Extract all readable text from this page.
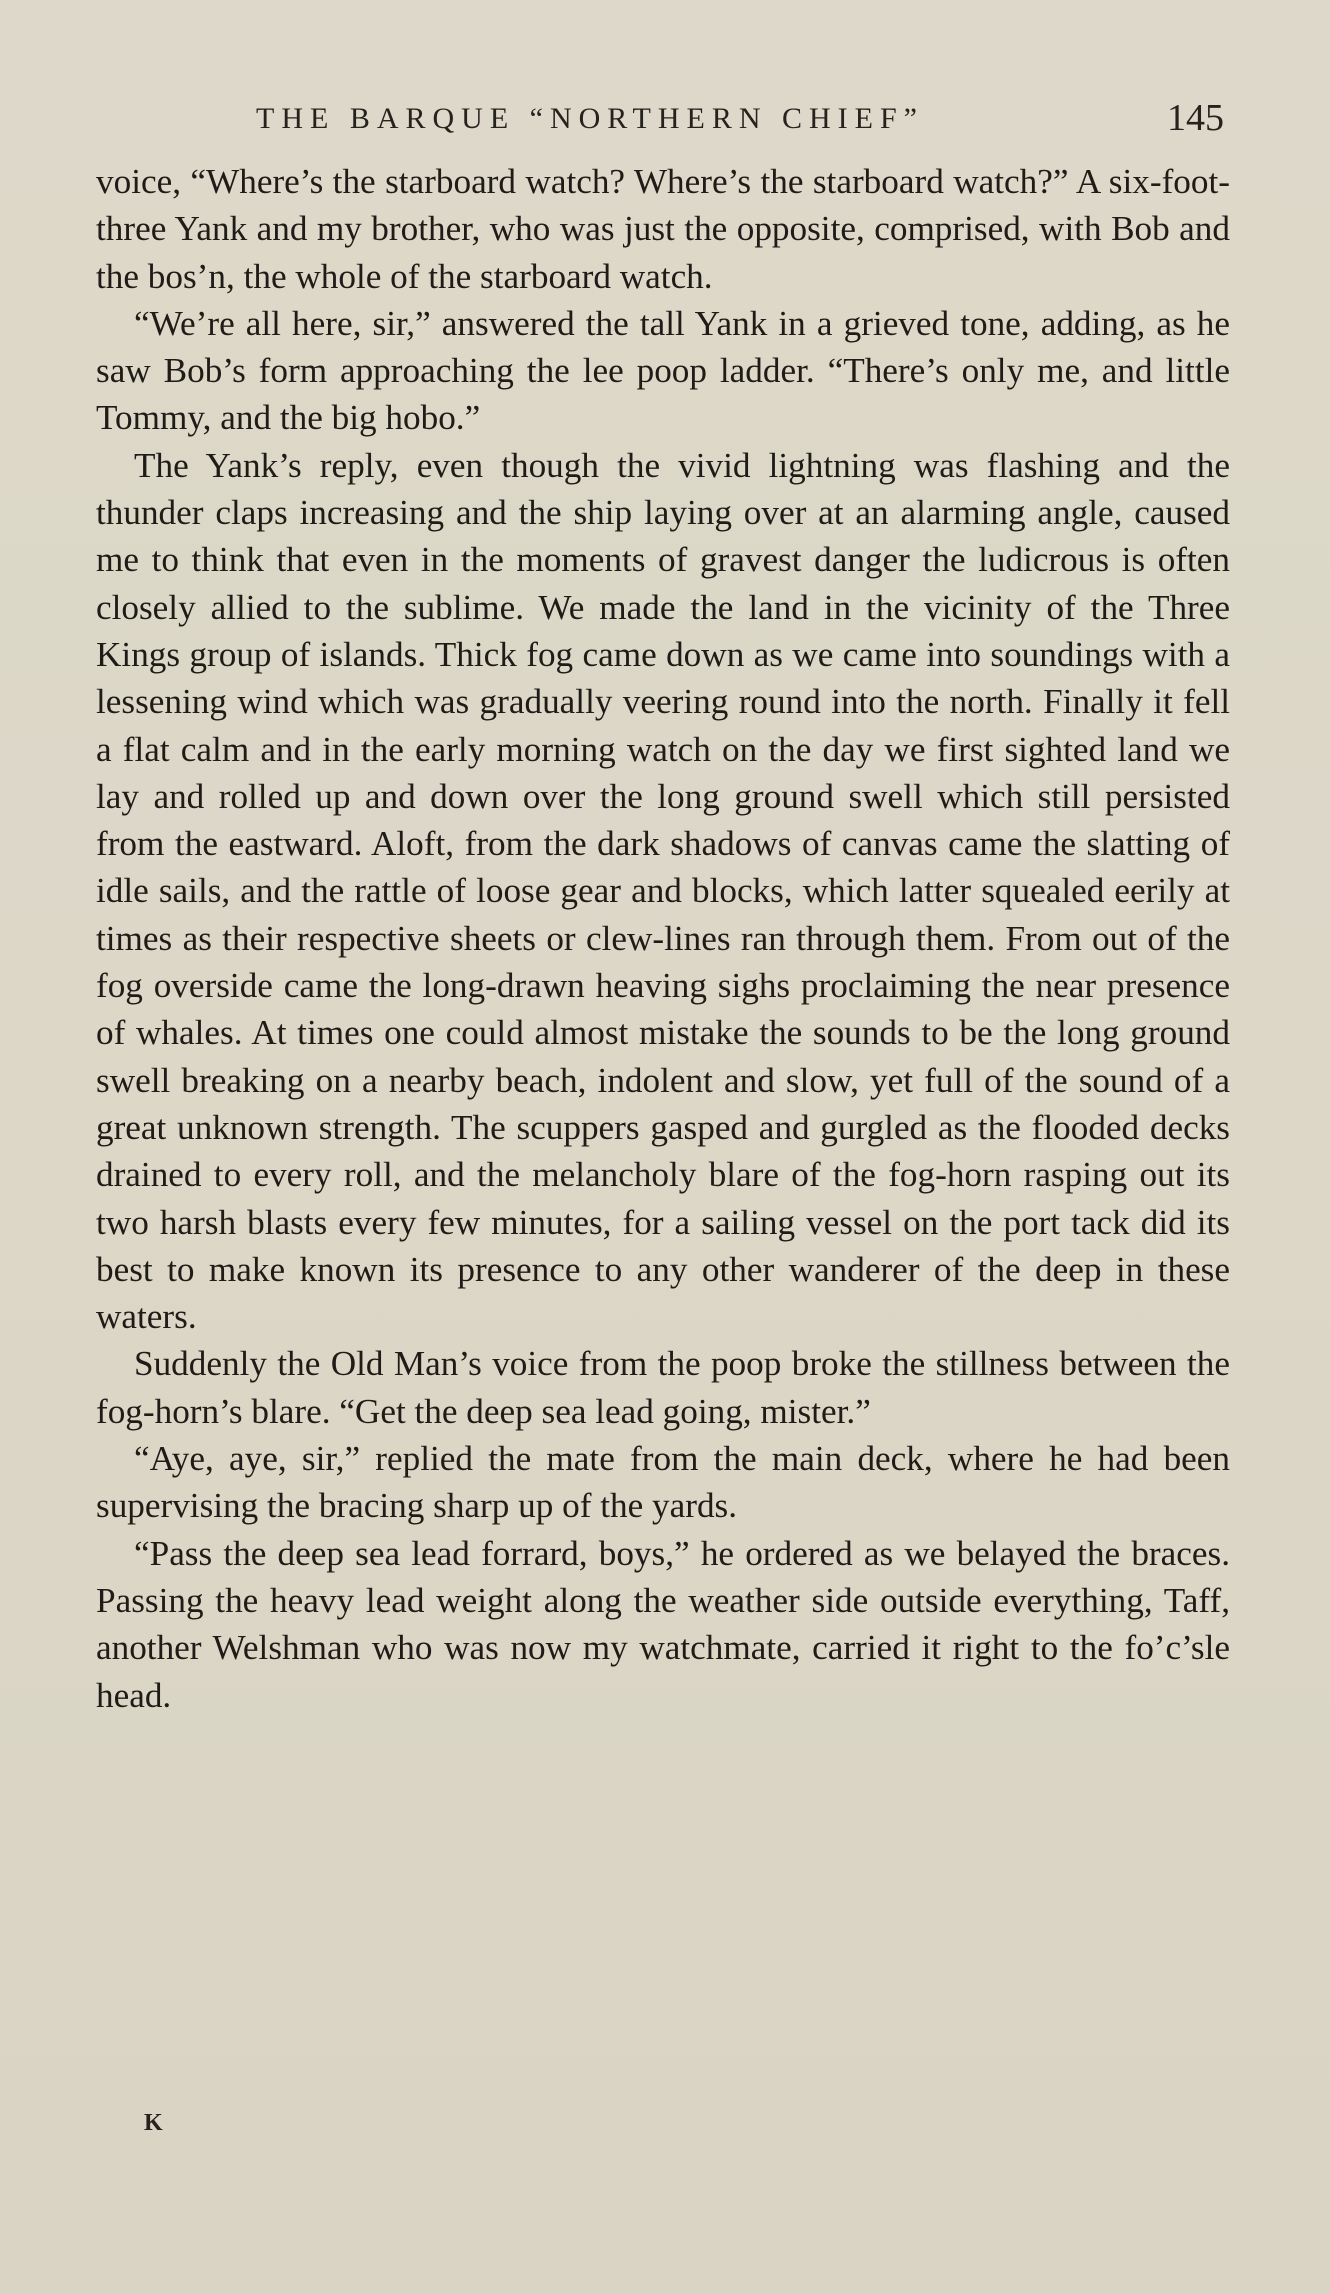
THE BARQUE “NORTHERN CHIEF”	145

voice, “Where’s the starboard watch? Where’s the starboard watch?” A six-foot-three Yank and my brother, who was just the opposite, comprised, with Bob and the bos’n, the whole of the starboard watch.

“We’re all here, sir,” answered the tall Yank in a grieved tone, adding, as he saw Bob’s form approaching the lee poop ladder. “There’s only me, and little Tommy, and the big hobo.”

The Yank’s reply, even though the vivid lightning was flashing and the thunder claps increasing and the ship laying over at an alarming angle, caused me to think that even in the moments of gravest danger the ludicrous is often closely allied to the sublime. We made the land in the vicinity of the Three Kings group of islands. Thick fog came down as we came into soundings with a lessening wind which was gradually veering round into the north. Finally it fell a flat calm and in the early morning watch on the day we first sighted land we lay and rolled up and down over the long ground swell which still persisted from the eastward. Aloft, from the dark shadows of canvas came the slatting of idle sails, and the rattle of loose gear and blocks, which latter squealed eerily at times as their respective sheets or clew-lines ran through them. From out of the fog overside came the long-drawn heaving sighs proclaiming the near presence of whales. At times one could almost mistake the sounds to be the long ground swell breaking on a nearby beach, indolent and slow, yet full of the sound of a great unknown strength. The scuppers gasped and gurgled as the flooded decks drained to every roll, and the melancholy blare of the fog-horn rasping out its two harsh blasts every few minutes, for a sailing vessel on the port tack did its best to make known its presence to any other wanderer of the deep in these waters.

Suddenly the Old Man’s voice from the poop broke the stillness between the fog-horn’s blare. “Get the deep sea lead going, mister.”

“Aye, aye, sir,” replied the mate from the main deck, where he had been supervising the bracing sharp up of the yards.

“Pass the deep sea lead forrard, boys,” he ordered as we belayed the braces. Passing the heavy lead weight along the weather side outside everything, Taff, another Welshman who was now my watchmate, carried it right to the fo’c’sle head.

K
